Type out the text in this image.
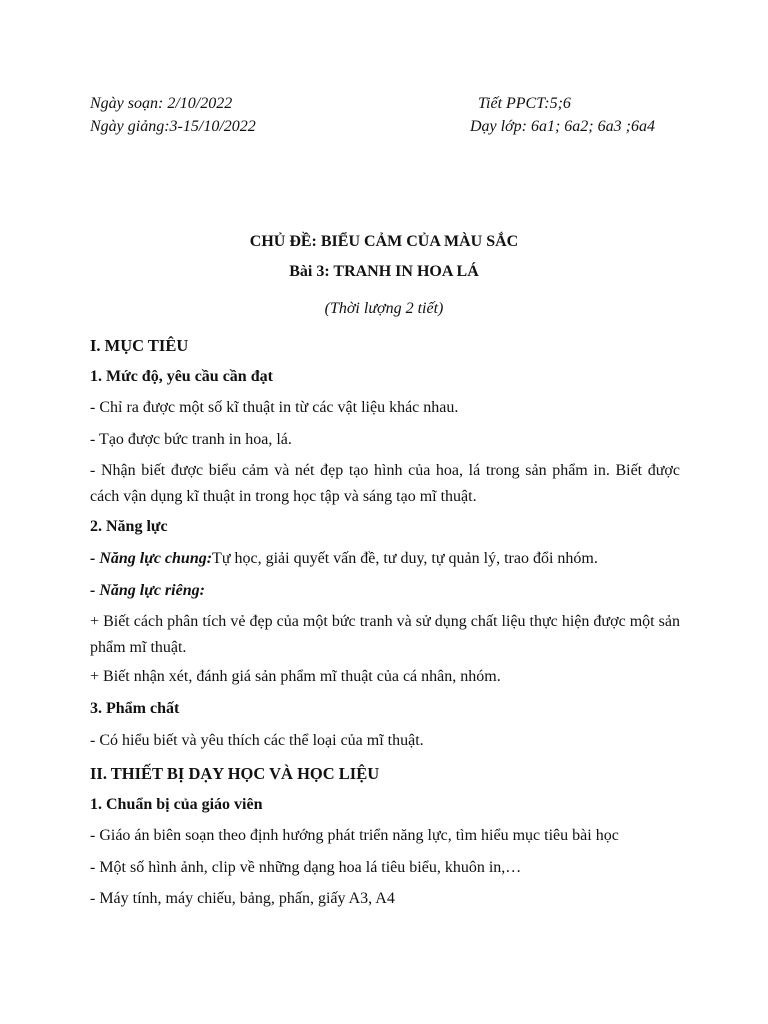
Ngày soạn: 2/10/2022	Tiết PPCT:5;6
Ngày giảng:3-15/10/2022	Dạy lớp: 6a1; 6a2; 6a3 ;6a4
CHỦ ĐỀ: BIỂU CẢM CỦA MÀU SẮC
Bài 3: TRANH IN HOA LÁ
(Thời lượng 2 tiết)
I. MỤC TIÊU
1. Mức độ, yêu cầu cần đạt
- Chỉ ra được một số kĩ thuật in từ các vật liệu khác nhau.
- Tạo được bức tranh in hoa, lá.
- Nhận biết được biểu cảm và nét đẹp tạo hình của hoa, lá trong sản phẩm in. Biết được cách vận dụng kĩ thuật in trong học tập và sáng tạo mĩ thuật.
2. Năng lực
- Năng lực chung:Tự học, giải quyết vấn đề, tư duy, tự quản lý, trao đổi nhóm.
- Năng lực riêng:
+ Biết cách phân tích vẻ đẹp của một bức tranh và sử dụng chất liệu thực hiện được một sản phẩm mĩ thuật.
+ Biết nhận xét, đánh giá sản phẩm mĩ thuật của cá nhân, nhóm.
3. Phẩm chất
- Có hiểu biết và yêu thích các thể loại của mĩ thuật.
II. THIẾT BỊ DẠY HỌC VÀ HỌC LIỆU
1. Chuẩn bị của giáo viên
- Giáo án biên soạn theo định hướng phát triển năng lực, tìm hiểu mục tiêu bài học
- Một số hình ảnh, clip về những dạng hoa lá tiêu biểu, khuôn in,…
- Máy tính, máy chiếu, bảng, phấn, giấy A3, A4
